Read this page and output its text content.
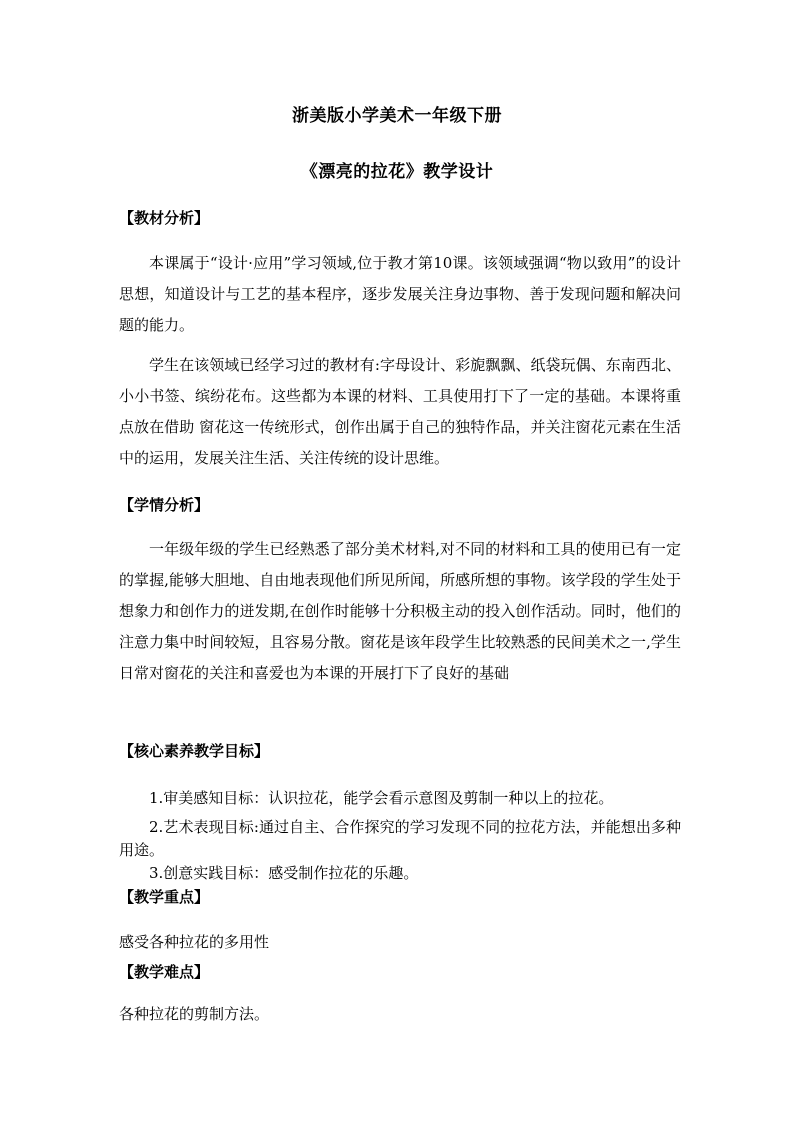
浙美版小学美术一年级下册
《漂亮的拉花》教学设计
【教材分析】

本课属于“设计·应用”学习领域,位于教才第10课。该领域强调“物以致用”的设计思想，知道设计与工艺的基本程序，逐步发展关注身边事物、善于发现问题和解决问题的能力。

学生在该领域已经学习过的教材有:字母设计、彩旎飘飘、纸袋玩偶、东南西北、小小书签、缤纷花布。这些都为本课的材料、工具使用打下了一定的基础。本课将重点放在借助 窗花这一传统形式，创作出属于自己的独特作品，并关注窗花元素在生活中的运用，发展关注生活、关注传统的设计思维。

【学情分析】

一年级年级的学生已经熟悉了部分美术材料,对不同的材料和工具的使用已有一定的掌握,能够大胆地、自由地表现他们所见所闻，所感所想的事物。该学段的学生处于想象力和创作力的迸发期,在创作时能够十分积极主动的投入创作活动。同时，他们的注意力集中时间较短，且容易分散。窗花是该年段学生比较熟悉的民间美术之一,学生日常对窗花的关注和喜爱也为本课的开展打下了良好的基础

【核心素养教学目标】

1.审美感知目标：认识拉花，能学会看示意图及剪制一种以上的拉花。

2.艺术表现目标:通过自主、合作探究的学习发现不同的拉花方法，并能想出多种用途。

3.创意实践目标：感受制作拉花的乐趣。

【教学重点】

感受各种拉花的多用性

【教学难点】

各种拉花的剪制方法。
